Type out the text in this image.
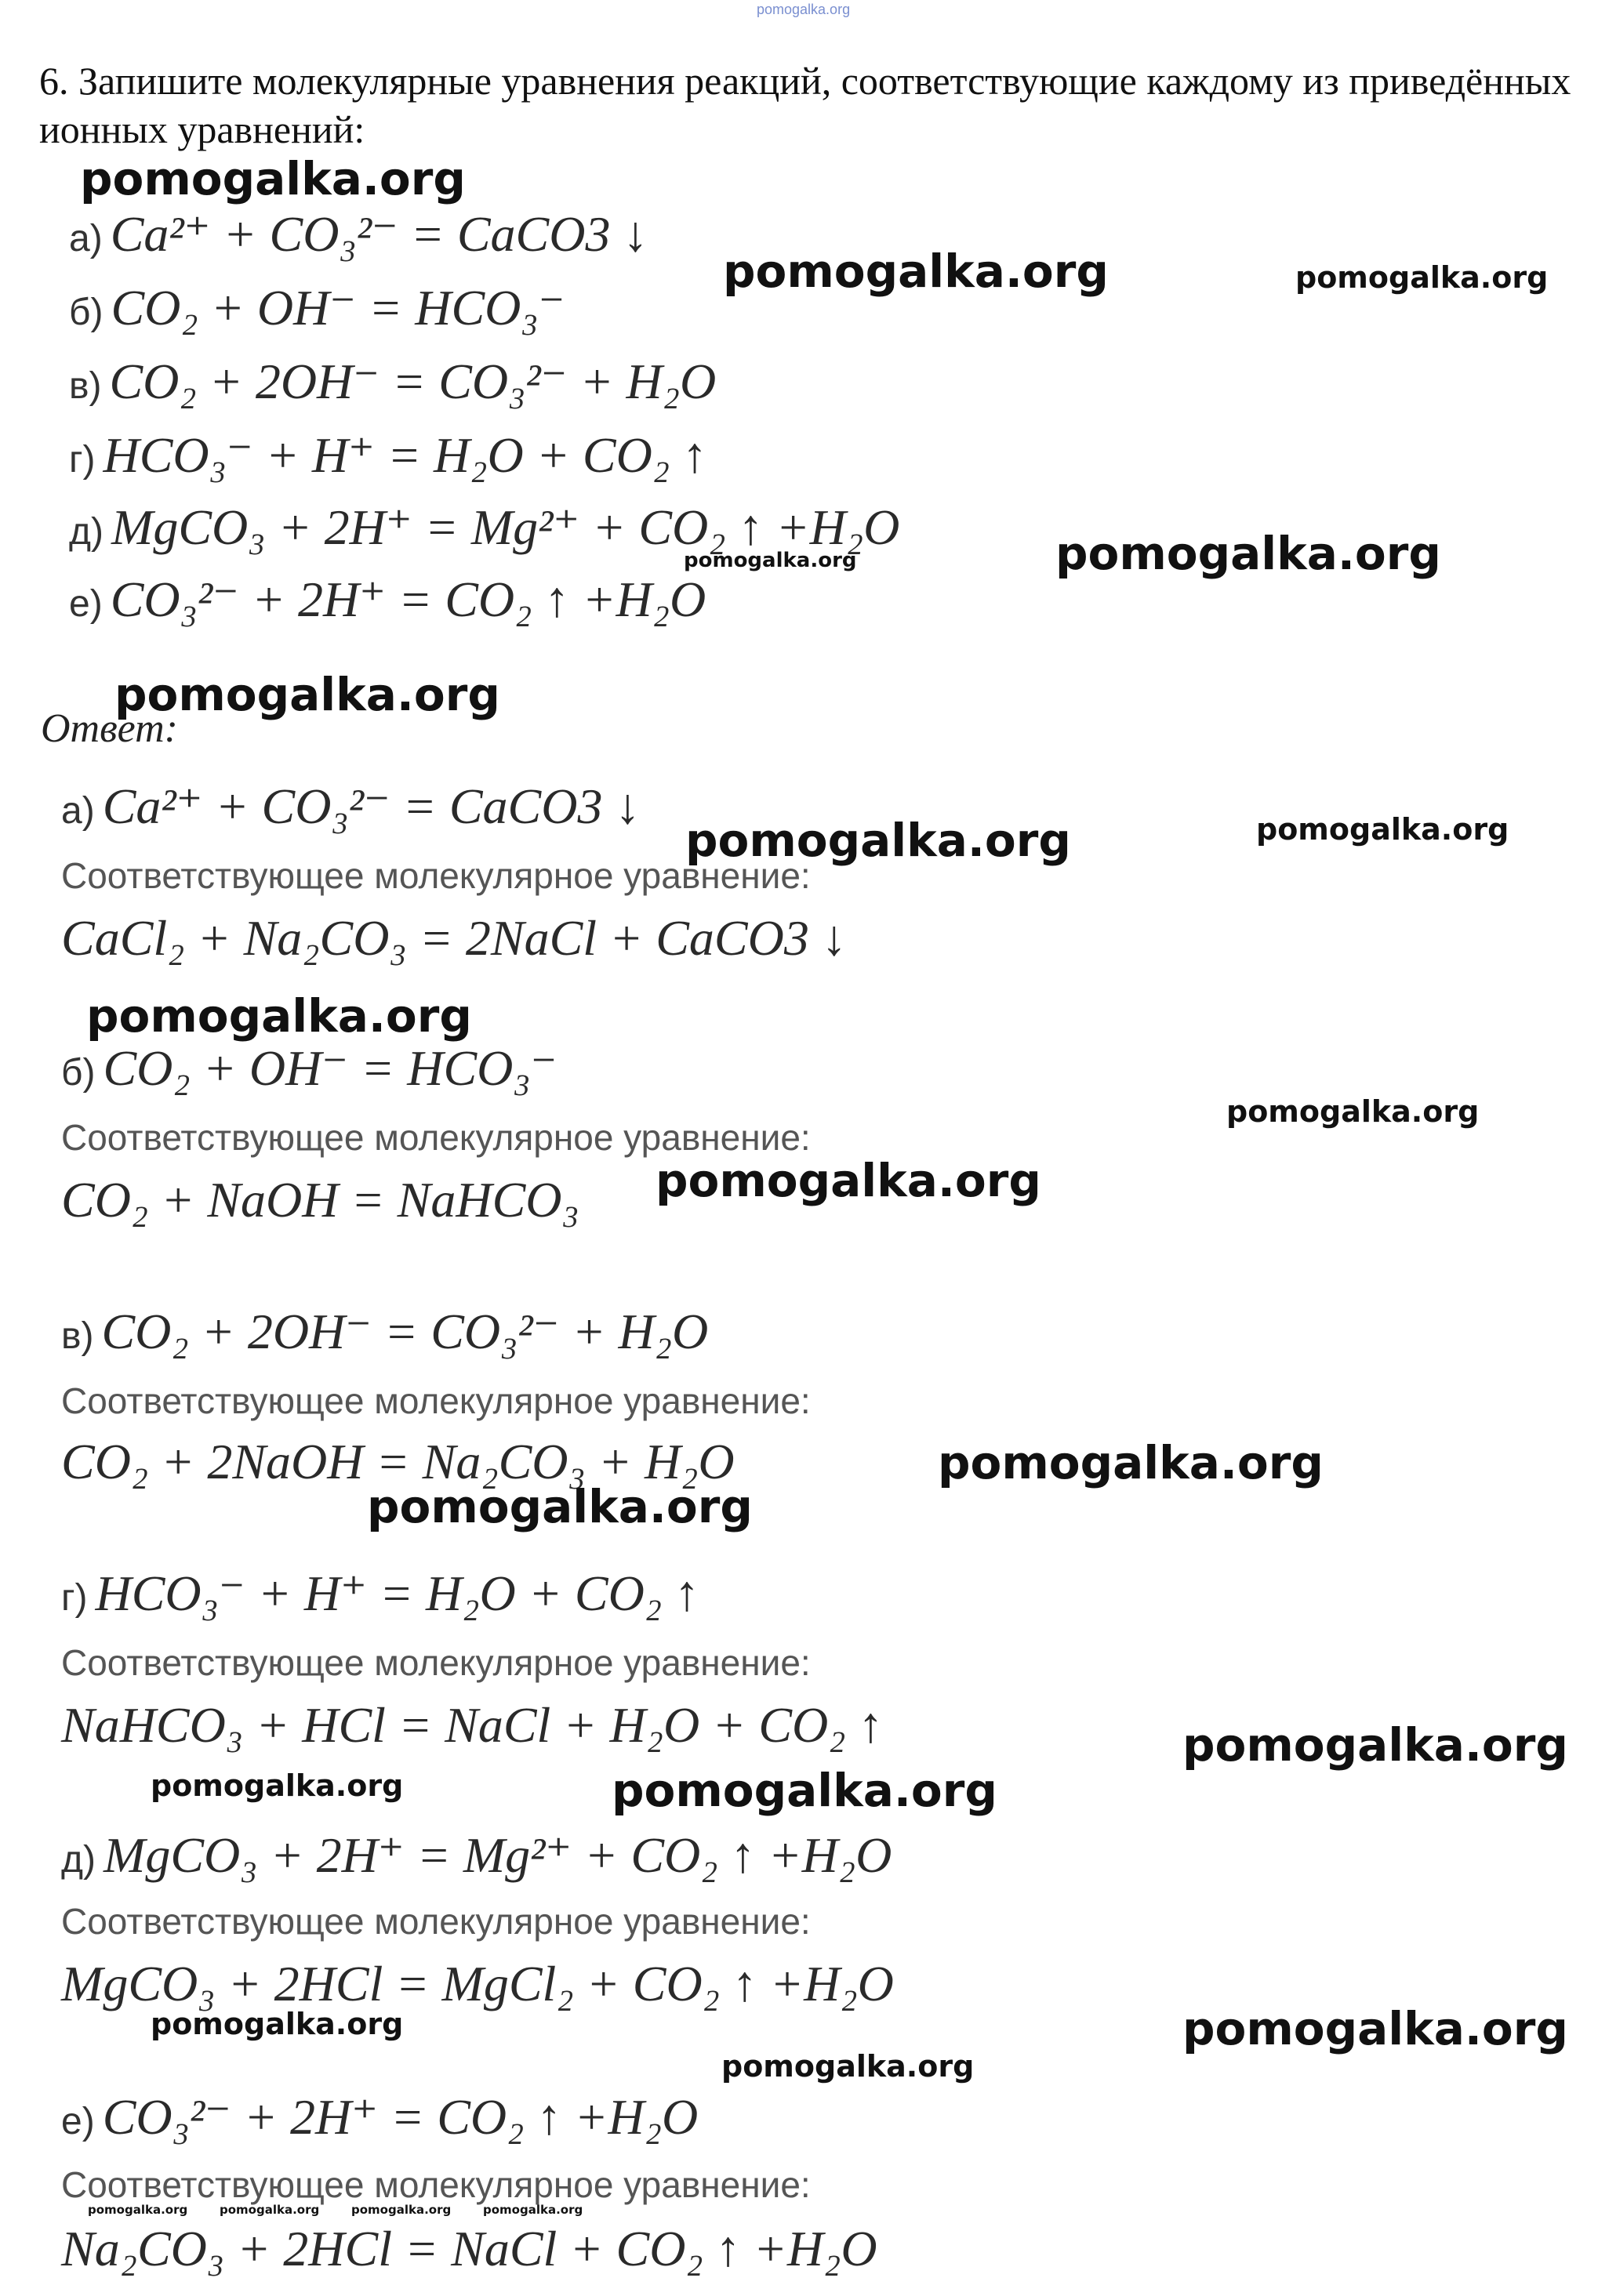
pomogalka.org
6. Запишите молекулярные уравнения реакций, соответствующие каждому из приведённых ионных уравнений:
а) Ca²⁺ + CO₃²⁻ = CaCO3 ↓
б) CO₂ + OH⁻ = HCO₃⁻
в) CO₂ + 2OH⁻ = CO₃²⁻ + H₂O
г) HCO₃⁻ + H⁺ = H₂O + CO₂ ↑
д) MgCO₃ + 2H⁺ = Mg²⁺ + CO₂ ↑ +H₂O
е) CO₃²⁻ + 2H⁺ = CO₂ ↑ +H₂O
Ответ:
а) Ca²⁺ + CO₃²⁻ = CaCO3 ↓
Соответствующее молекулярное уравнение:
CaCl₂ + Na₂CO₃ = 2NaCl + CaCO3 ↓
б) CO₂ + OH⁻ = HCO₃⁻
Соответствующее молекулярное уравнение:
CO₂ + NaOH = NaHCO₃
в) CO₂ + 2OH⁻ = CO₃²⁻ + H₂O
Соответствующее молекулярное уравнение:
CO₂ + 2NaOH = Na₂CO₃ + H₂O
г) HCO₃⁻ + H⁺ = H₂O + CO₂ ↑
Соответствующее молекулярное уравнение:
NaHCO₃ + HCl = NaCl + H₂O + CO₂ ↑
д) MgCO₃ + 2H⁺ = Mg²⁺ + CO₂ ↑ +H₂O
Соответствующее молекулярное уравнение:
MgCO₃ + 2HCl = MgCl₂ + CO₂ ↑ +H₂O
е) CO₃²⁻ + 2H⁺ = CO₂ ↑ +H₂O
Соответствующее молекулярное уравнение:
Na₂CO₃ + 2HCl = NaCl + CO₂ ↑ +H₂O
pomogalka.org
pomogalka.org	pomogalka.org
pomogalka.org	pomogalka.org
pomogalka.org
pomogalka.org	pomogalka.org
pomogalka.org
pomogalka.org
pomogalka.org
pomogalka.org
pomogalka.org
pomogalka.org
pomogalka.org	pomogalka.org
pomogalka.org	pomogalka.org
pomogalka.org
pomogalka.org	pomogalka.org	pomogalka.org	pomogalka.org
